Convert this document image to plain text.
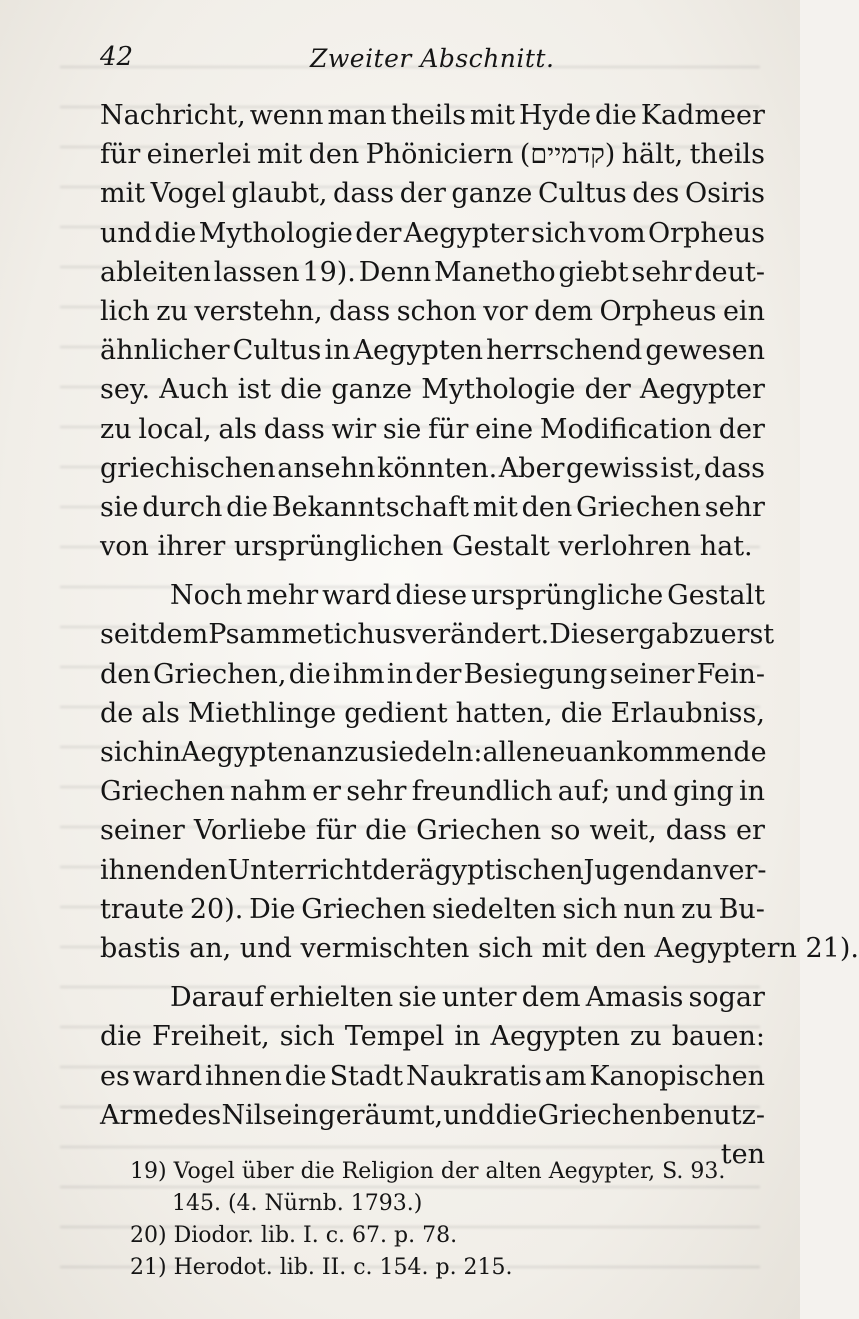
42	Zweiter Abschnitt.
Nachricht, wenn man theils mit Hyde die Kadmeer
für einerlei mit den Phöniciern (קדמיים) hält, theils
mit Vogel glaubt, dass der ganze Cultus des Osiris
und die Mythologie der Aegypter sich vom Orpheus
ableiten lassen 19). Denn Manetho giebt sehr deut-
lich zu verstehn, dass schon vor dem Orpheus ein
ähnlicher Cultus in Aegypten herrschend gewesen
sey. Auch ist die ganze Mythologie der Aegypter
zu local, als dass wir sie für eine Modification der
griechischen ansehn könnten. Aber gewiss ist, dass
sie durch die Bekanntschaft mit den Griechen sehr
von ihrer ursprünglichen Gestalt verlohren hat.
Noch mehr ward diese ursprüngliche Gestalt
seit dem Psammetichus verändert. Dieser gab zuerst
den Griechen, die ihm in der Besiegung seiner Fein-
de als Miethlinge gedient hatten, die Erlaubniss,
sich in Aegypten anzusiedeln: alle neu ankommende
Griechen nahm er sehr freundlich auf; und ging in
seiner Vorliebe für die Griechen so weit, dass er
ihnen den Unterricht der ägyptischen Jugend anver-
traute 20). Die Griechen siedelten sich nun zu Bu-
bastis an, und vermischten sich mit den Aegyptern 21).
Darauf erhielten sie unter dem Amasis sogar
die Freiheit, sich Tempel in Aegypten zu bauen:
es ward ihnen die Stadt Naukratis am Kanopischen
Arme des Nils eingeräumt, und die Griechen benutz-
ten
19) Vogel über die Religion der alten Aegypter, S. 93.
145. (4. Nürnb. 1793.)
20) Diodor. lib. I. c. 67. p. 78.
21) Herodot. lib. II. c. 154. p. 215.
